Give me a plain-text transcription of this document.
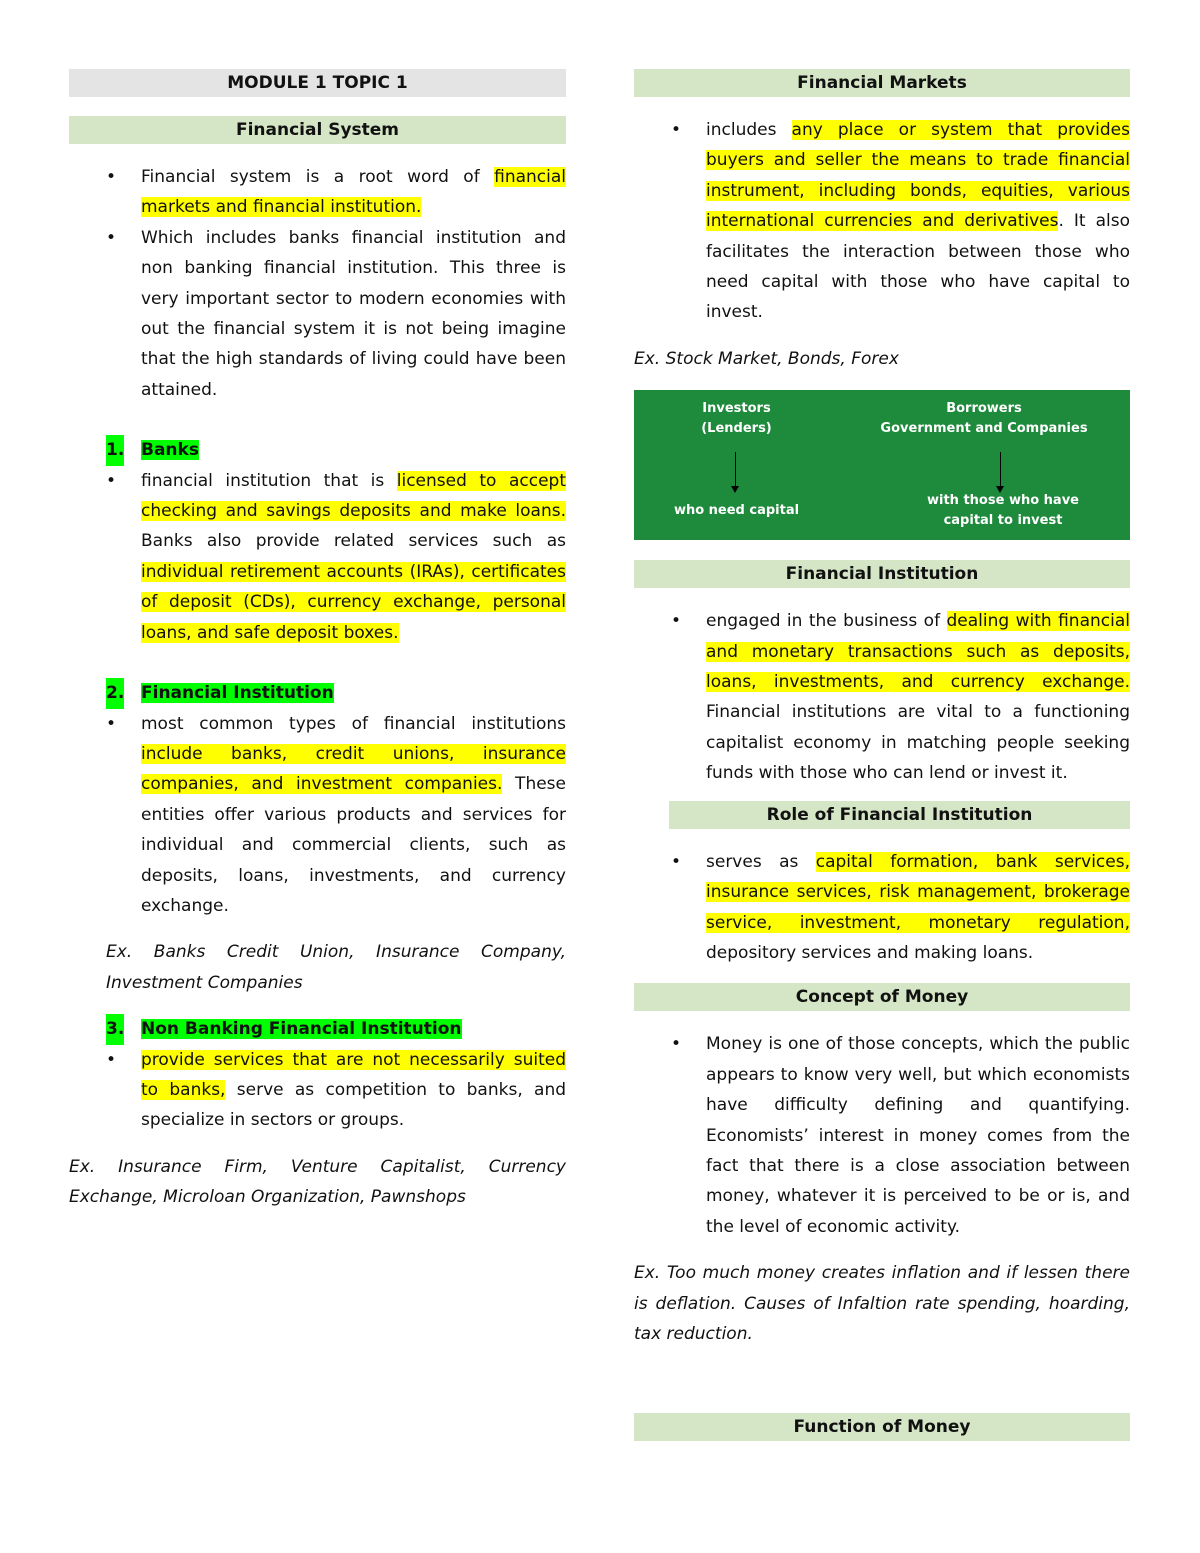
MODULE 1 TOPIC 1
Financial System

• Financial system is a root word of financial markets and financial institution.

• Which includes banks financial institution and non banking financial institution. This three is very important sector to modern economies with out the financial system it is not being imagine that the high standards of living could have been attained.

1. Banks

• financial institution that is licensed to accept checking and savings deposits and make loans. Banks also provide related services such as individual retirement accounts (IRAs), certificates of deposit (CDs), currency exchange, personal loans, and safe deposit boxes.

2. Financial Institution

• most common types of financial institutions include banks, credit unions, insurance companies, and investment companies. These entities offer various products and services for individual and commercial clients, such as deposits, loans, investments, and currency exchange.

Ex. Banks Credit Union, Insurance Company, Investment Companies

3. Non Banking Financial Institution

• provide services that are not necessarily suited to banks, serve as competition to banks, and specialize in sectors or groups.

Ex. Insurance Firm, Venture Capitalist, Currency Exchange, Microloan Organization, Pawnshops

Financial Markets

• includes any place or system that provides buyers and seller the means to trade financial instrument, including bonds, equities, various international currencies and derivatives. It also facilitates the interaction between those who need capital with those who have capital to invest.

Ex. Stock Market, Bonds, Forex

Investors
(Lenders)
Borrowers
Government and Companies
who need capital
with those who have
capital to invest
Financial Institution

• engaged in the business of dealing with financial and monetary transactions such as deposits, loans, investments, and currency exchange. Financial institutions are vital to a functioning capitalist economy in matching people seeking funds with those who can lend or invest it.

Role of Financial Institution

• serves as capital formation, bank services, insurance services, risk management, brokerage service, investment, monetary regulation, depository services and making loans.

Concept of Money

• Money is one of those concepts, which the public appears to know very well, but which economists have difficulty defining and quantifying. Economists’ interest in money comes from the fact that there is a close association between money, whatever it is perceived to be or is, and the level of economic activity.

Ex. Too much money creates inflation and if lessen there is deflation. Causes of Infaltion rate spending, hoarding, tax reduction.

Function of Money
